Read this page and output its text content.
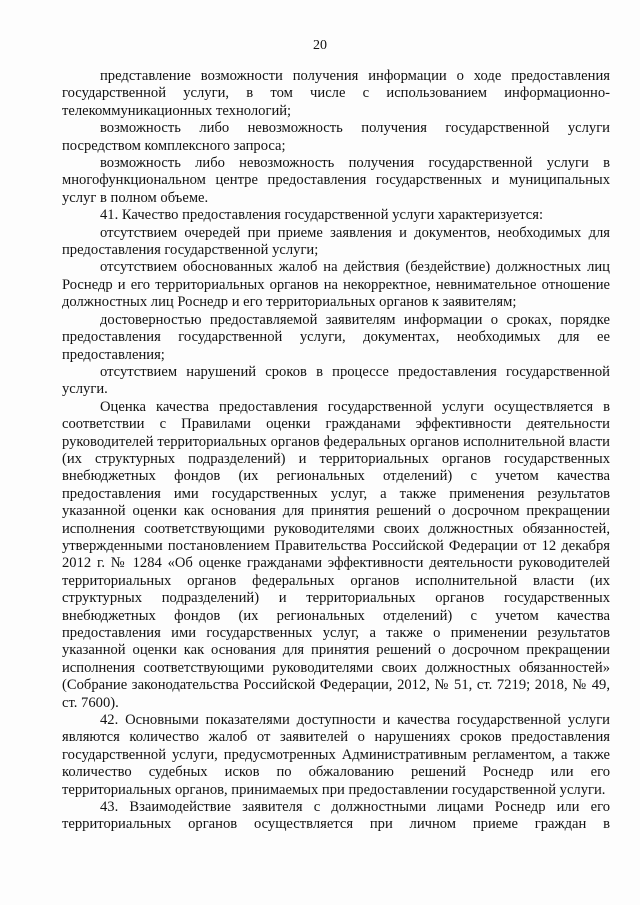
20

представление возможности получения информации о ходе предоставления государственной услуги, в том числе с использованием информационно-телекоммуникационных технологий;

возможность либо невозможность получения государственной услуги посредством комплексного запроса;

возможность либо невозможность получения государственной услуги в многофункциональном центре предоставления государственных и муниципальных услуг в полном объеме.

41. Качество предоставления государственной услуги характеризуется:

отсутствием очередей при приеме заявления и документов, необходимых для предоставления государственной услуги;

отсутствием обоснованных жалоб на действия (бездействие) должностных лиц Роснедр и его территориальных органов на некорректное, невнимательное отношение должностных лиц Роснедр и его территориальных органов к заявителям;

достоверностью предоставляемой заявителям информации о сроках, порядке предоставления государственной услуги, документах, необходимых для ее предоставления;

отсутствием нарушений сроков в процессе предоставления государственной услуги.

Оценка качества предоставления государственной услуги осуществляется в соответствии с Правилами оценки гражданами эффективности деятельности руководителей территориальных органов федеральных органов исполнительной власти (их структурных подразделений) и территориальных органов государственных внебюджетных фондов (их региональных отделений) с учетом качества предоставления ими государственных услуг, а также применения результатов указанной оценки как основания для принятия решений о досрочном прекращении исполнения соответствующими руководителями своих должностных обязанностей, утвержденными постановлением Правительства Российской Федерации от 12 декабря 2012 г. № 1284 «Об оценке гражданами эффективности деятельности руководителей территориальных органов федеральных органов исполнительной власти (их структурных подразделений) и территориальных органов государственных внебюджетных фондов (их региональных отделений) с учетом качества предоставления ими государственных услуг, а также о применении результатов указанной оценки как основания для принятия решений о досрочном прекращении исполнения соответствующими руководителями своих должностных обязанностей» (Собрание законодательства Российской Федерации, 2012, № 51, ст. 7219; 2018, № 49, ст. 7600).

42. Основными показателями доступности и качества государственной услуги являются количество жалоб от заявителей о нарушениях сроков предоставления государственной услуги, предусмотренных Административным регламентом, а также количество судебных исков по обжалованию решений Роснедр или его территориальных органов, принимаемых при предоставлении государственной услуги.

43. Взаимодействие заявителя с должностными лицами Роснедр или его территориальных органов осуществляется при личном приеме граждан в
